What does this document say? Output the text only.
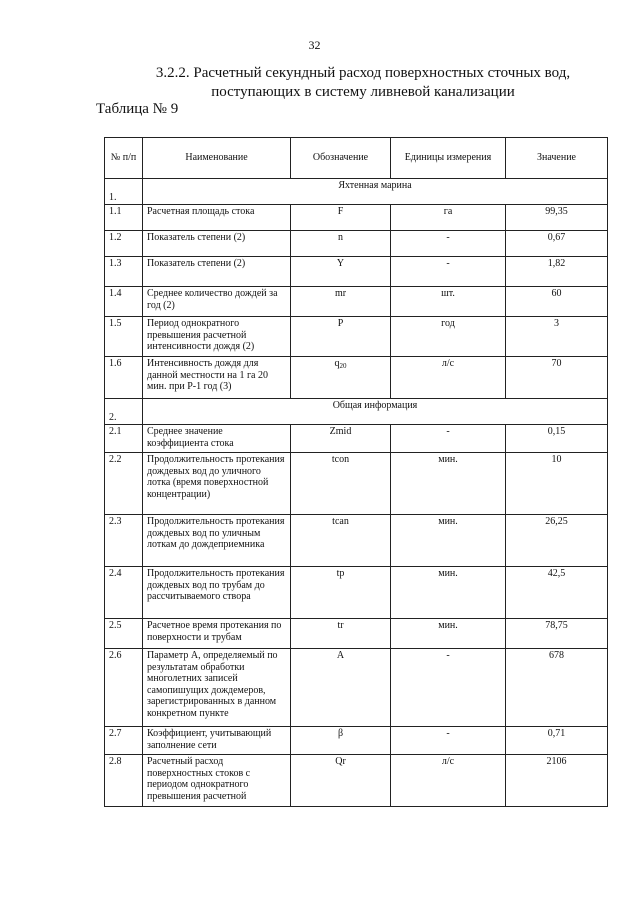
32
3.2.2. Расчетный секундный расход поверхностных сточных вод,
поступающих в систему ливневой канализации
Таблица № 9
№ п/п	Наименование	Обозначение	Единицы измерения	Значение
1.	Яхтенная марина			
1.1	Расчетная площадь стока	F	га	99,35
1.2	Показатель степени (2)	n	-	0,67
1.3	Показатель степени (2)	Y	-	1,82
1.4	Среднее количество дождей за год (2)	mr	шт.	60
1.5	Период однократного превышения расчетной интенсивности дождя (2)	P	год	3
1.6	Интенсивность дождя для данной местности на 1 га 20 мин. при P-1 год (3)	$q_{20}$	л/с	70
2.	Общая информация			
2.1	Среднее значение коэффициента стока	Zmid	-	0,15
2.2	Продолжительность протекания дождевых вод до уличного лотка (время поверхностной концентрации)	tcon	мин.	10
2.3	Продолжительность протекания дождевых вод по уличным лоткам до дождеприемника	tcan	мин.	26,25
2.4	Продолжительность протекания дождевых вод по трубам до рассчитываемого створа	tp	мин.	42,5
2.5	Расчетное время протекания по поверхности и трубам	tr	мин.	78,75
2.6	Параметр А, определяемый по результатам обработки многолетних записей самопишущих дождемеров, зарегистрированных в данном конкретном пункте	A	-	678
2.7	Коэффициент, учитывающий заполнение сети	β	-	0,71
2.8	Расчетный расход поверхностных стоков с периодом однократного превышения расчетной	Qr	л/с	2106
